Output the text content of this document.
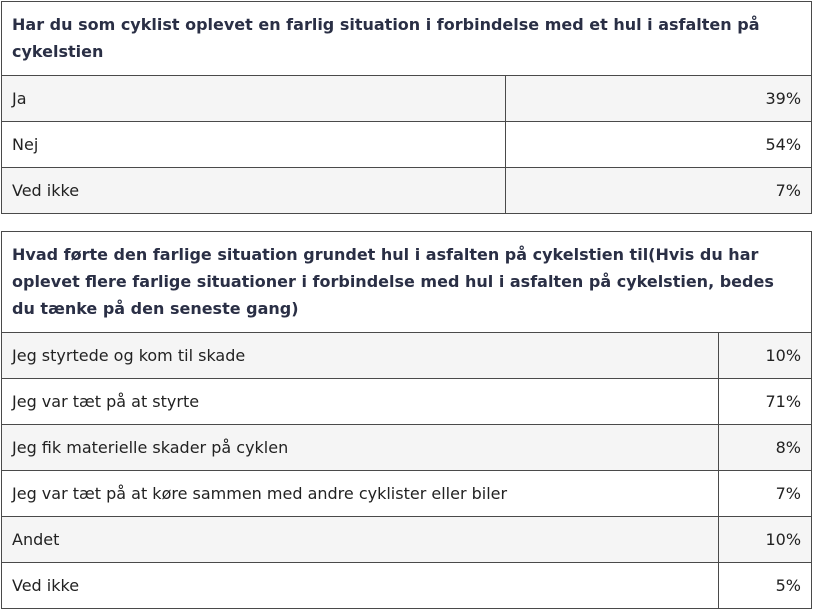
Har du som cyklist oplevet en farlig situation i forbindelse med et hul i asfalten på cykelstien	
Ja	39%
Nej	54%
Ved ikke	7%
Hvad førte den farlige situation grundet hul i asfalten på cykelstien til(Hvis du har oplevet flere farlige situationer i forbindelse med hul i asfalten på cykelstien, bedes du tænke på den seneste gang)	
Jeg styrtede og kom til skade	10%
Jeg var tæt på at styrte	71%
Jeg fik materielle skader på cyklen	8%
Jeg var tæt på at køre sammen med andre cyklister eller biler	7%
Andet	10%
Ved ikke	5%
